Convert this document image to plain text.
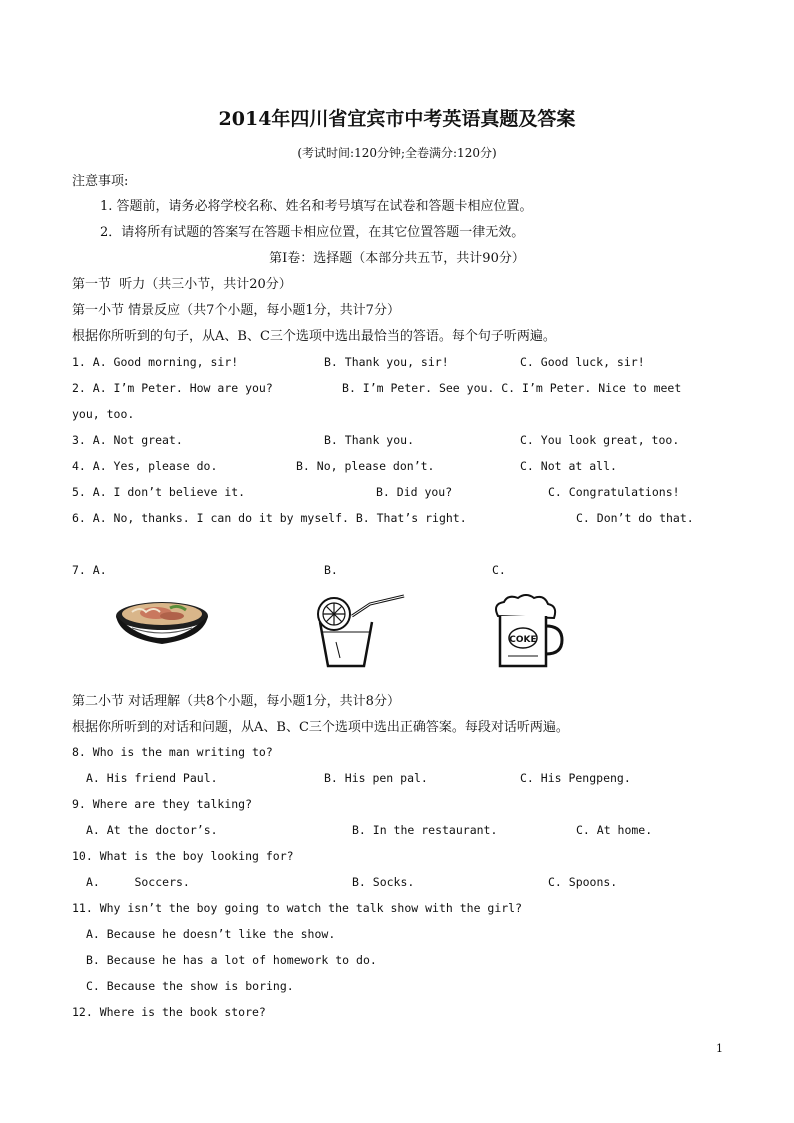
2014年四川省宜宾市中考英语真题及答案
(考试时间:120分钟;全卷满分:120分)
注意事项:
1. 答题前，请务必将学校名称、姓名和考号填写在试卷和答题卡相应位置。
2．请将所有试题的答案写在答题卡相应位置，在其它位置答题一律无效。
第Ⅰ卷：选择题（本部分共五节，共计90分）
第一节  听力（共三小节，共计20分）
第一小节 情景反应（共7个小题，每小题1分，共计7分）
根据你所听到的句子，从A、B、C三个选项中选出最恰当的答语。每个句子听两遍。
1. A. Good morning, sir!	B. Thank you, sir!	C. Good luck, sir!
2. A. I’m Peter. How are you?          B. I’m Peter. See you. C. I’m Peter. Nice to meet
you, too.
3. A. Not great.	B. Thank you.	C. You look great, too.
4. A. Yes, please do.	B. No, please don’t.	C. Not at all.
5. A. I don’t believe it.	B. Did you?	C. Congratulations!
6. A. No, thanks. I can do it by myself. B. That’s right.	C. Don’t do that.
7. A.	B.	C.
COKE
第二小节 对话理解（共8个小题，每小题1分，共计8分）
根据你所听到的对话和问题，从A、B、C三个选项中选出正确答案。每段对话听两遍。
8. Who is the man writing to?
A. His friend Paul.	B. His pen pal.	C. His Pengpeng.
9. Where are they talking?
A. At the doctor’s.	B. In the restaurant.	C. At home.
10. What is the boy looking for?
A.     Soccers.	B. Socks.	C. Spoons.
11. Why isn’t the boy going to watch the talk show with the girl?
A. Because he doesn’t like the show.
B. Because he has a lot of homework to do.
C. Because the show is boring.
12. Where is the book store?
1
